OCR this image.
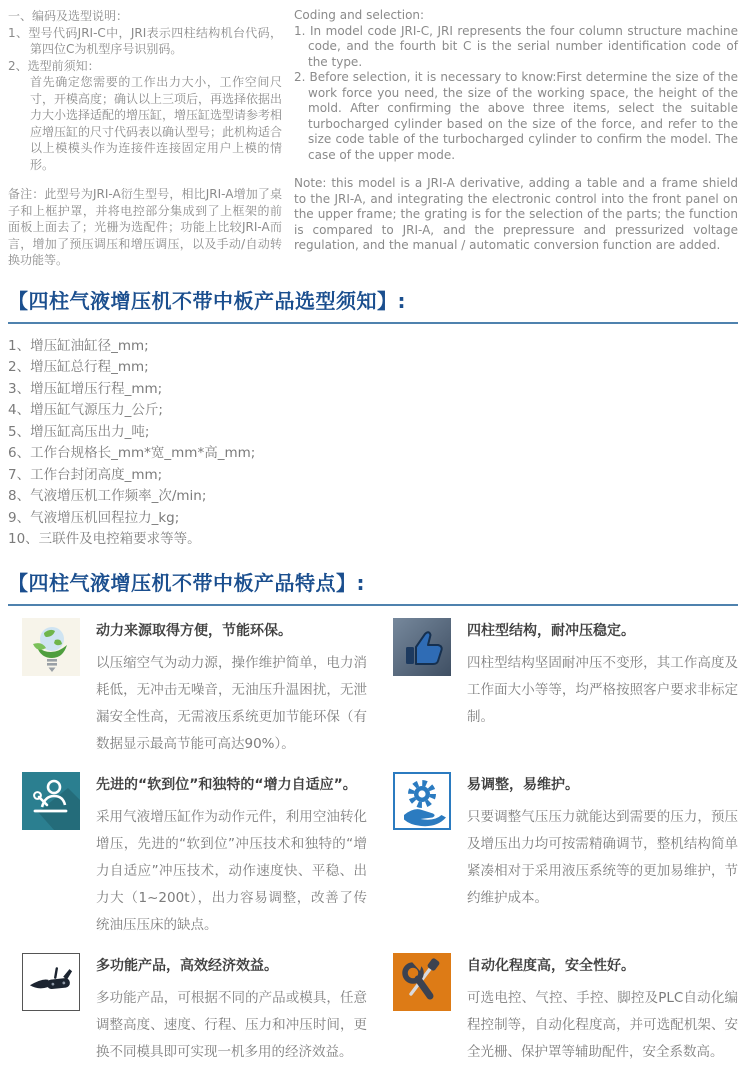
一、编码及选型说明：

1、型号代码JRI-C中，JRI表示四柱结构机台代码，第四位C为机型序号识别码。

2、选型前须知：

首先确定您需要的工作出力大小，工作空间尺寸，开模高度；确认以上三项后，再选择依据出力大小选择适配的增压缸，增压缸选型请参考相应增压缸的尺寸代码表以确认型号；此机构适合以上模模头作为连接件连接固定用户上模的情形。

备注：此型号为JRI-A衍生型号，相比JRI-A增加了桌子和上框护罩，并将电控部分集成到了上框架的前面板上面去了；光栅为选配件；功能上比较JRI-A而言，增加了预压调压和增压调压，以及手动/自动转换功能等。

Coding and selection:

1. In model code JRI-C, JRI represents the four column structure machine code, and the fourth bit C is the serial number identification code of the type.

2. Before selection, it is necessary to know:First determine the size of the work force you need, the size of the working space, the height of the mold. After confirming the above three items, select the suitable turbocharged cylinder based on the size of the force, and refer to the size code table of the turbocharged cylinder to confirm the model. The case of the upper mode.

Note: this model is a JRI-A derivative, adding a table and a frame shield to the JRI-A, and integrating the electronic control into the front panel on the upper frame; the grating is for the selection of the parts; the function is compared to JRI-A, and the prepressure and pressurized voltage regulation, and the manual / automatic conversion function are added.

【四柱气液增压机不带中板产品选型须知】:
1、增压缸油缸径_mm;
2、增压缸总行程_mm;
3、增压缸增压行程_mm;
4、增压缸气源压力_公斤;
5、增压缸高压出力_吨;
6、工作台规格长_mm*宽_mm*高_mm;
7、工作台封闭高度_mm;
8、气液增压机工作频率_次/min;
9、气液增压机回程拉力_kg;
10、三联件及电控箱要求等等。
【四柱气液增压机不带中板产品特点】:
动力来源取得方便，节能环保。
以压缩空气为动力源，操作维护简单，电力消耗低，无冲击无噪音，无油压升温困扰，无泄漏安全性高，无需液压系统更加节能环保（有数据显示最高节能可高达90%）。
四柱型结构，耐冲压稳定。
四柱型结构坚固耐冲压不变形，其工作高度及工作面大小等等，均严格按照客户要求非标定制。
先进的“软到位”和独特的“增力自适应”。
采用气液增压缸作为动作元件，利用空油转化增压，先进的“软到位”冲压技术和独特的“增力自适应”冲压技术，动作速度快、平稳、出力大（1~200t），出力容易调整，改善了传统油压压床的缺点。
易调整，易维护。
只要调整气压压力就能达到需要的压力，预压及增压出力均可按需精确调节，整机结构简单紧凑相对于采用液压系统等的更加易维护，节约维护成本。
多功能产品，高效经济效益。
多功能产品，可根据不同的产品或模具，任意调整高度、速度、行程、压力和冲压时间，更换不同模具即可实现一机多用的经济效益。
自动化程度高，安全性好。
可选电控、气控、手控、脚控及PLC自动化编程控制等，自动化程度高，并可选配机架、安全光栅、保护罩等辅助配件，安全系数高。
